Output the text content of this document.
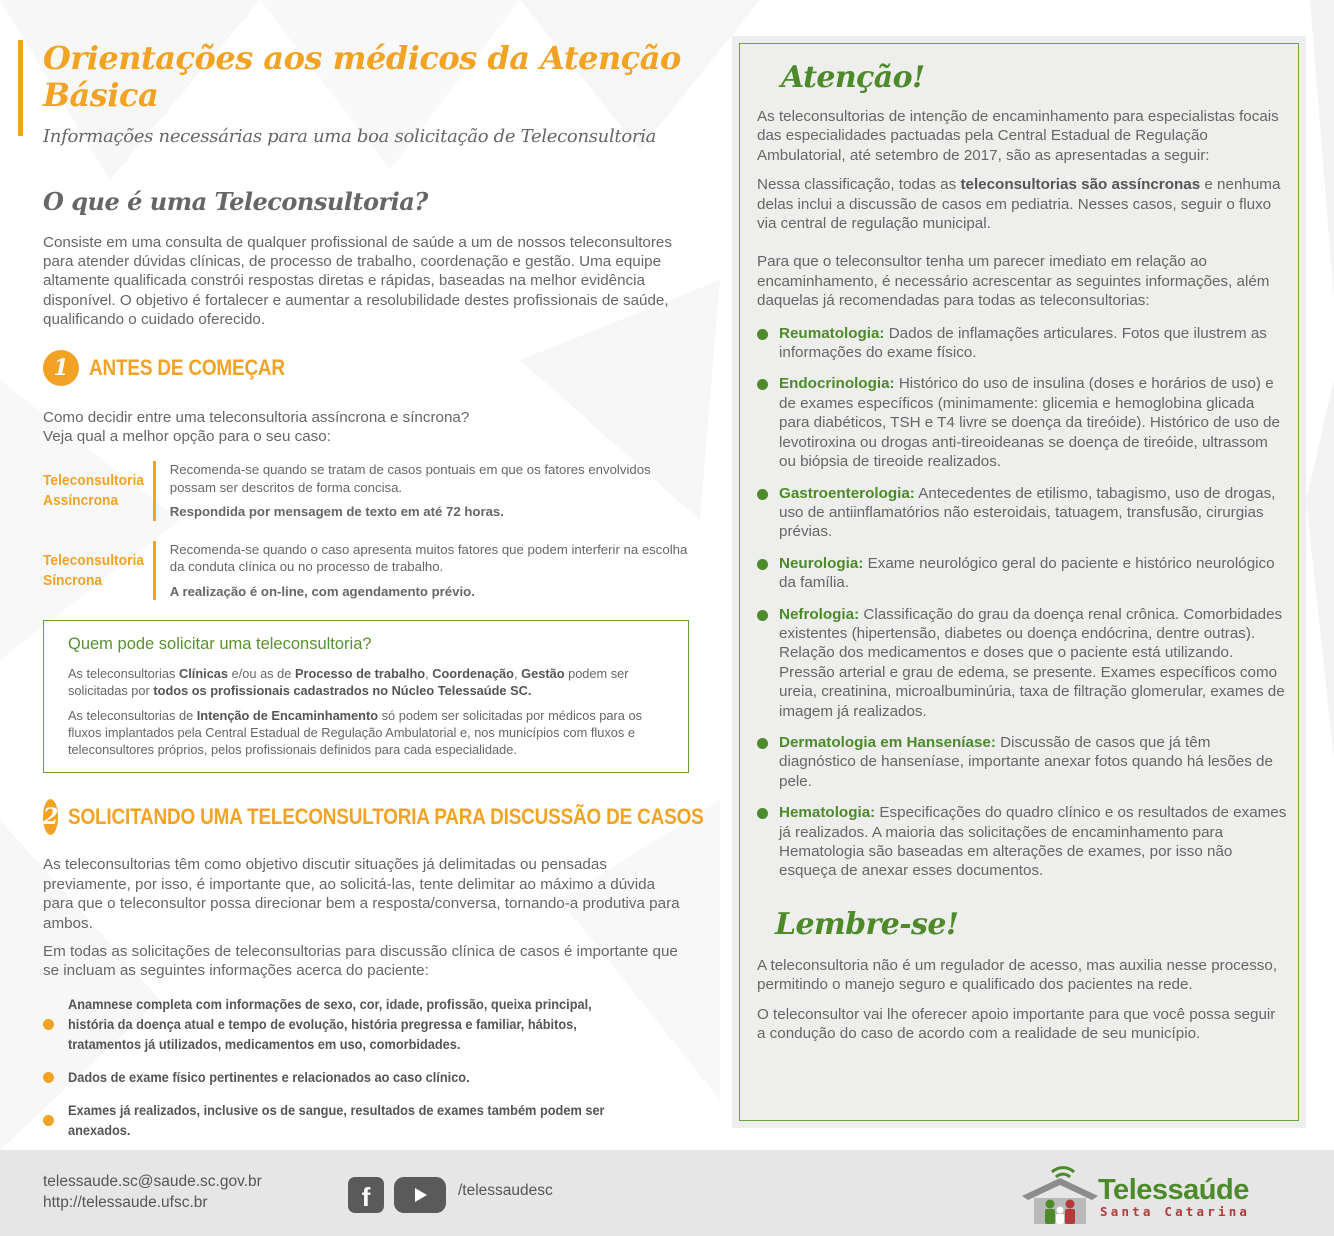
Orientações aos médicos da Atenção Básica
Informações necessárias para uma boa solicitação de Teleconsultoria
O que é uma Teleconsultoria?

Consiste em uma consulta de qualquer profissional de saúde a um de nossos teleconsultores para atender dúvidas clínicas, de processo de trabalho, coordenação e gestão. Uma equipe altamente qualificada constrói respostas diretas e rápidas, baseadas na melhor evidência disponível. O objetivo é fortalecer e aumentar a resolubilidade destes profissionais de saúde, qualificando o cuidado oferecido.

1 ANTES DE COMEÇAR

Como decidir entre uma teleconsultoria assíncrona e síncrona?
Veja qual a melhor opção para o seu caso:

Teleconsultoria
Assíncrona
Recomenda-se quando se tratam de casos pontuais em que os fatores envolvidos possam ser descritos de forma concisa.
Respondida por mensagem de texto em até 72 horas.
Teleconsultoria
Síncrona
Recomenda-se quando o caso apresenta muitos fatores que podem interferir na escolha da conduta clínica ou no processo de trabalho.
A realização é on-line, com agendamento prévio.
Quem pode solicitar uma teleconsultoria?

As teleconsultorias Clínicas e/ou as de Processo de trabalho, Coordenação, Gestão podem ser solicitadas por todos os profissionais cadastrados no Núcleo Telessaúde SC.

As teleconsultorias de Intenção de Encaminhamento só podem ser solicitadas por médicos para os fluxos implantados pela Central Estadual de Regulação Ambulatorial e, nos municípios com fluxos e teleconsultores próprios, pelos profissionais definidos para cada especialidade.

2 SOLICITANDO UMA TELECONSULTORIA PARA DISCUSSÃO DE CASOS

As teleconsultorias têm como objetivo discutir situações já delimitadas ou pensadas previamente, por isso, é importante que, ao solicitá-las, tente delimitar ao máximo a dúvida para que o teleconsultor possa direcionar bem a resposta/conversa, tornando-a produtiva para ambos.

Em todas as solicitações de teleconsultorias para discussão clínica de casos é importante que se incluam as seguintes informações acerca do paciente:

Anamnese completa com informações de sexo, cor, idade, profissão, queixa principal, história da doença atual e tempo de evolução, história pregressa e familiar, hábitos, tratamentos já utilizados, medicamentos em uso, comorbidades.
Dados de exame físico pertinentes e relacionados ao caso clínico.
Exames já realizados, inclusive os de sangue, resultados de exames também podem ser anexados.
Atenção!

As teleconsultorias de intenção de encaminhamento para especialistas focais das especialidades pactuadas pela Central Estadual de Regulação Ambulatorial, até setembro de 2017, são as apresentadas a seguir:

Nessa classificação, todas as teleconsultorias são assíncronas e nenhuma delas inclui a discussão de casos em pediatria. Nesses casos, seguir o fluxo via central de regulação municipal.

Para que o teleconsultor tenha um parecer imediato em relação ao encaminhamento, é necessário acrescentar as seguintes informações, além daquelas já recomendadas para todas as teleconsultorias:

Reumatologia: Dados de inflamações articulares. Fotos que ilustrem as informações do exame físico.
Endocrinologia: Histórico do uso de insulina (doses e horários de uso) e de exames específicos (minimamente: glicemia e hemoglobina glicada para diabéticos, TSH e T4 livre se doença da tireóide). Histórico de uso de levotiroxina ou drogas anti-tireoideanas se doença de tireóide, ultrassom ou biópsia de tireoide realizados.
Gastroenterologia: Antecedentes de etilismo, tabagismo, uso de drogas, uso de antiinflamatórios não esteroidais, tatuagem, transfusão, cirurgias prévias.
Neurologia: Exame neurológico geral do paciente e histórico neurológico da família.
Nefrologia: Classificação do grau da doença renal crônica. Comorbidades existentes (hipertensão, diabetes ou doença endócrina, dentre outras). Relação dos medicamentos e doses que o paciente está utilizando. Pressão arterial e grau de edema, se presente. Exames específicos como ureia, creatinina, microalbuminúria, taxa de filtração glomerular, exames de imagem já realizados.
Dermatologia em Hanseníase: Discussão de casos que já têm diagnóstico de hanseníase, importante anexar fotos quando há lesões de pele.
Hematologia: Especificações do quadro clínico e os resultados de exames já realizados. A maioria das solicitações de encaminhamento para Hematologia são baseadas em alterações de exames, por isso não esqueça de anexar esses documentos.
Lembre-se!

A teleconsultoria não é um regulador de acesso, mas auxilia nesse processo, permitindo o manejo seguro e qualificado dos pacientes na rede.

O teleconsultor vai lhe oferecer apoio importante para que você possa seguir a condução do caso de acordo com a realidade de seu município.

telessaude.sc@saude.sc.gov.br
http://telessaude.ufsc.br	f	/telessaudesc	Telessaúde
Santa Catarina
